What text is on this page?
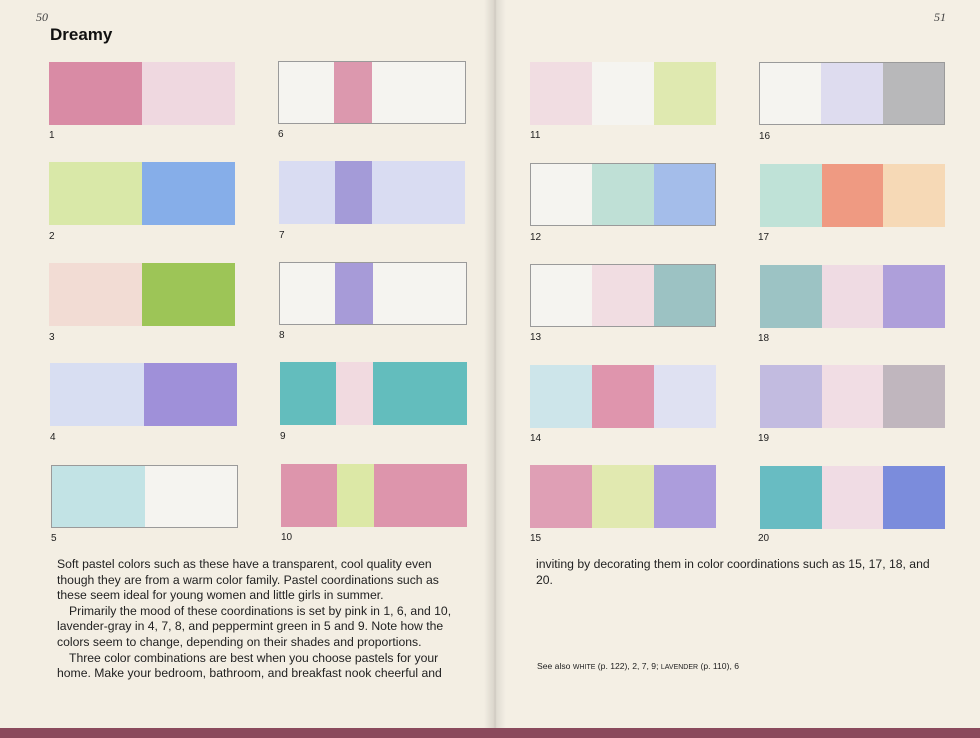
50	51
Dreamy
1
2
3
4
5
6
7
8
9
10
11
12
13
14
15
16
17
18
19
20

Soft pastel colors such as these have a transparent, cool quality even though they are from a warm color family. Pastel coordinations such as these seem ideal for young women and little girls in summer.

Primarily the mood of these coordinations is set by pink in 1, 6, and 10, lavender-gray in 4, 7, 8, and peppermint green in 5 and 9. Note how the colors seem to change, depending on their shades and proportions.

Three color combinations are best when you choose pastels for your home. Make your bedroom, bathroom, and breakfast nook cheerful and

inviting by decorating them in color coordinations such as 15, 17, 18, and 20.

See also WHITE (p. 122), 2, 7, 9; LAVENDER (p. 110), 6
